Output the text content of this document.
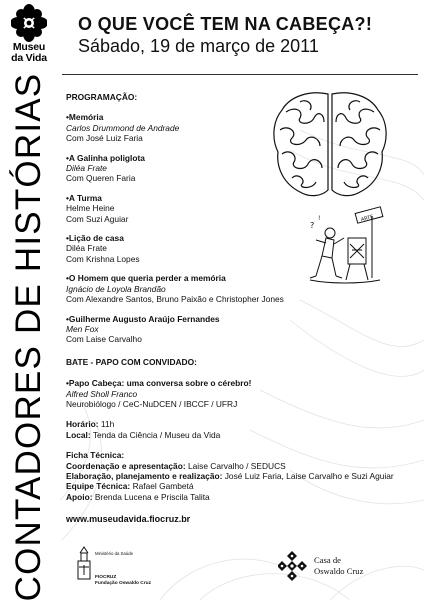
Museu
da Vida
O QUE VOCÊ TEM NA CABEÇA?!
Sábado, 19 de março de 2011
CONTADORES DE HISTÓRIAS PROGRAMAÇÃO:
•Memória
Carlos Drummond de Andrade
Com José Luiz Faria
•A Galinha poliglota
Diléa Frate
Com Queren Faria
•A Turma
Helme Heine
Com Suzi Aguiar
•Lição de casa
Diléa Frate
Com Krishna Lopes
•O Homem que queria perder a memória
Ignácio de Loyola Brandão
Com Alexandre Santos, Bruno Paixão e Christopher Jones
•Guilherme Augusto Araújo Fernandes
Men Fox
Com Laise Carvalho
BATE - PAPO COM CONVIDADO:
•Papo Cabeça: uma conversa sobre o cérebro!
Alfred Sholl Franco
Neurobiólogo / CeC-NuDCEN / IBCCF / UFRJ
Horário: 11h
Local: Tenda da Ciência / Museu da Vida
Ficha Técnica:
Coordenação e apresentação: Laise Carvalho / SEDUCS
Elaboração, planejamento e realização: José Luiz Faria, Laise Carvalho e Suzi Aguiar
Equipe Técnica: Rafael Gambetá
Apoio: Brenda Lucena e Priscila Talita
www.museudavida.fiocruz.br
?
!	ARTE
Ministério da Saúde
FIOCRUZ
Fundação Oswaldo Cruz
Casa de
Oswaldo Cruz
